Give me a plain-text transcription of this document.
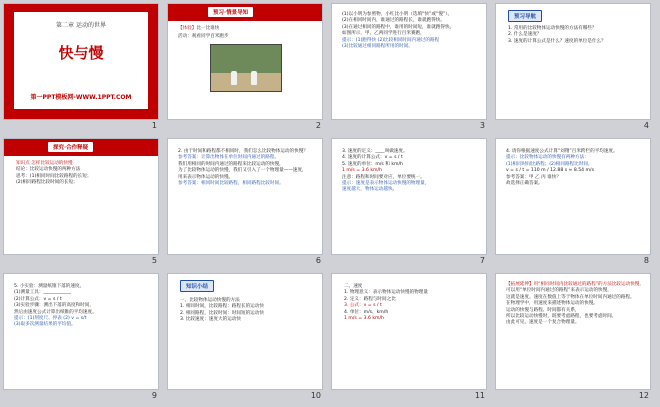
第二章 运动的世界
快与慢
第一PPT模板网-WWW.1PPT.COM
1
预习·情景导知
【体验】比一比谁快
活动：观看同学百米跑步
2

(1)以小明为参照物，小红比小明（选填“快”或“慢”）。

(2)在相同时间内，谁通过的路程长，谁就跑得快。

(3)在通过相同的路程中，谁用的时间短，谁就跑得快。

如图所示，甲、乙两同学进行百米赛跑，

提示：(1)跑得快 (2)比较相同时间内通过的路程

(3)比较通过相同路程所用的时间。

3
预习导航

1. 常用的比较物体运动快慢的方法有哪些？

2. 什么是速度？

3. 速度的计算公式是什么？速度的单位是什么？

4
探究·合作释疑

知识点 怎样比较运动的快慢

结论：比较运动快慢的两种方法

思考：(1)相同时间比较路程的长短；

(2)相同路程比较时间的长短；

5

2. 由于时间和路程都不相同时，我们怎么比较物体运动的快慢？

参考答案：计算出物体在单位时间内通过的路程。

我们用相同的时间内通过的路程来比较运动的快慢，

为了比较物体运动的快慢，我们又引入了一个物理量——速度，

用来表示物体运动的快慢。

参考答案：相同时间比较路程，相同路程比较时间。

6

3. 速度的定义：____叫做速度。

4. 速度的计算公式：v = s / t

5. 速度的单位：m/s 和 km/h

1 m/s = 3.6 km/h

注意：路程和时间要对应，单位要统一。

提示：速度是表示物体运动快慢的物理量，

速度越大，物体运动越快。

7

4. 请你根据速度公式计算“刘翔”百米跨栏的平均速度。

提示：比较物体运动的快慢有两种方法：

(1)相同时间比路程；(2)相同路程比时间。

v = s / t = 110 m / 12.88 s ≈ 8.54 m/s

参考答案：甲 乙 丙 谁快？

故选择正确答案。

8

5. 小实验：测量纸锥下落的速度。

(1)测量工具：____________

(2)计算公式：v = s / t

(3)实验步骤：测出下落的高度和时间，

然后由速度公式计算出纸锥的平均速度。

提示：(1)刻度尺、停表 (2) v = s/t

(3)取多次测量结果的平均值。

9
知识小结

一、比较物体运动快慢的方法

1. 相同时间，比较路程：路程长的运动快

2. 相同路程，比较时间：时间短的运动快

3. 比较速度：速度大的运动快

10

二、速度

1. 物理意义：表示物体运动快慢的物理量

2. 定义：路程与时间之比

3. 公式：v = s / t

4. 单位：m/s、km/h

1 m/s = 3.6 km/h

11

【拓展延伸】用“相同时间内比较通过的路程”的方法比较运动快慢，

可以用“单位时间内通过的路程”来表示运动的快慢，

这就是速度。速度在数值上等于物体在单位时间内通过的路程。

在物理学中，用速度来描述物体运动的快慢。

运动的快慢与路程、时间都有关系，

所以比较运动快慢时，既要考虑路程，也要考虑时间。

由此可见，速度是一个复合物理量。

12
